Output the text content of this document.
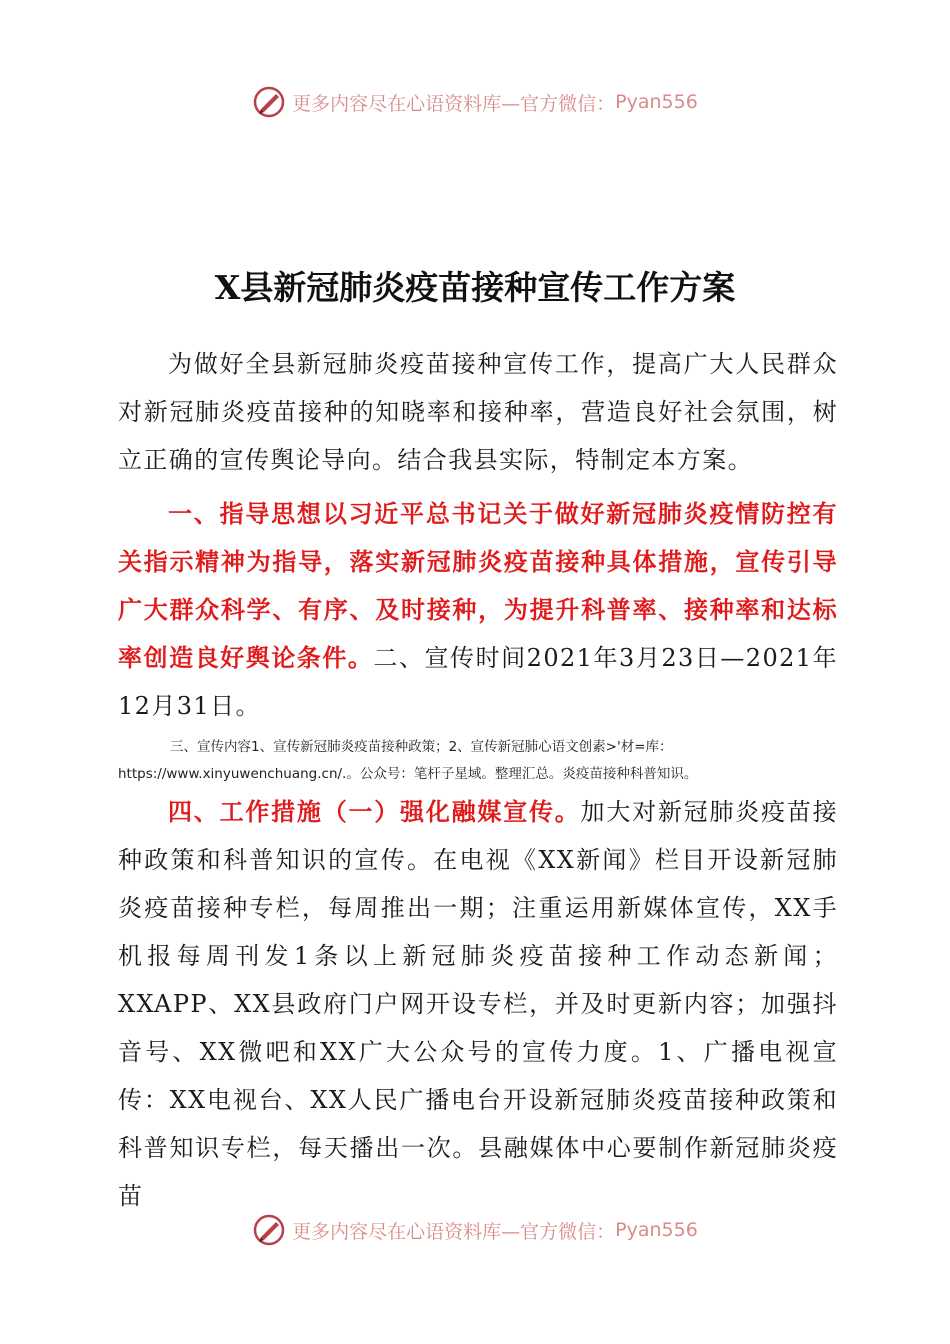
更多内容尽在心语资料库—官方微信： Pyan556
X县新冠肺炎疫苗接种宣传工作方案
为做好全县新冠肺炎疫苗接种宣传工作，提高广大人民群众对新冠肺炎疫苗接种的知晓率和接种率，营造良好社会氛围，树立正确的宣传舆论导向。结合我县实际，特制定本方案。
一、指导思想以习近平总书记关于做好新冠肺炎疫情防控有关指示精神为指导，落实新冠肺炎疫苗接种具体措施，宣传引导广大群众科学、有序、及时接种，为提升科普率、接种率和达标率创造良好舆论条件。二、宣传时间2021年3月23日—2021年12月31日。
三、宣传内容1、宣传新冠肺炎疫苗接种政策；2、宣传新冠肺心语文创素>'材=库：https://www.xinyuwenchuang.cn/.。公众号：笔杆子星域。整理汇总。炎疫苗接种科普知识。
四、工作措施（一）强化融媒宣传。加大对新冠肺炎疫苗接种政策和科普知识的宣传。在电视《XX新闻》栏目开设新冠肺炎疫苗接种专栏，每周推出一期；注重运用新媒体宣传，XX手机报每周刊发1条以上新冠肺炎疫苗接种工作动态新闻；XXAPP、XX县政府门户网开设专栏，并及时更新内容；加强抖音号、XX微吧和XX广大公众号的宣传力度。1、广播电视宣传：XX电视台、XX人民广播电台开设新冠肺炎疫苗接种政策和科普知识专栏，每天播出一次。县融媒体中心要制作新冠肺炎疫苗
更多内容尽在心语资料库—官方微信： Pyan556
